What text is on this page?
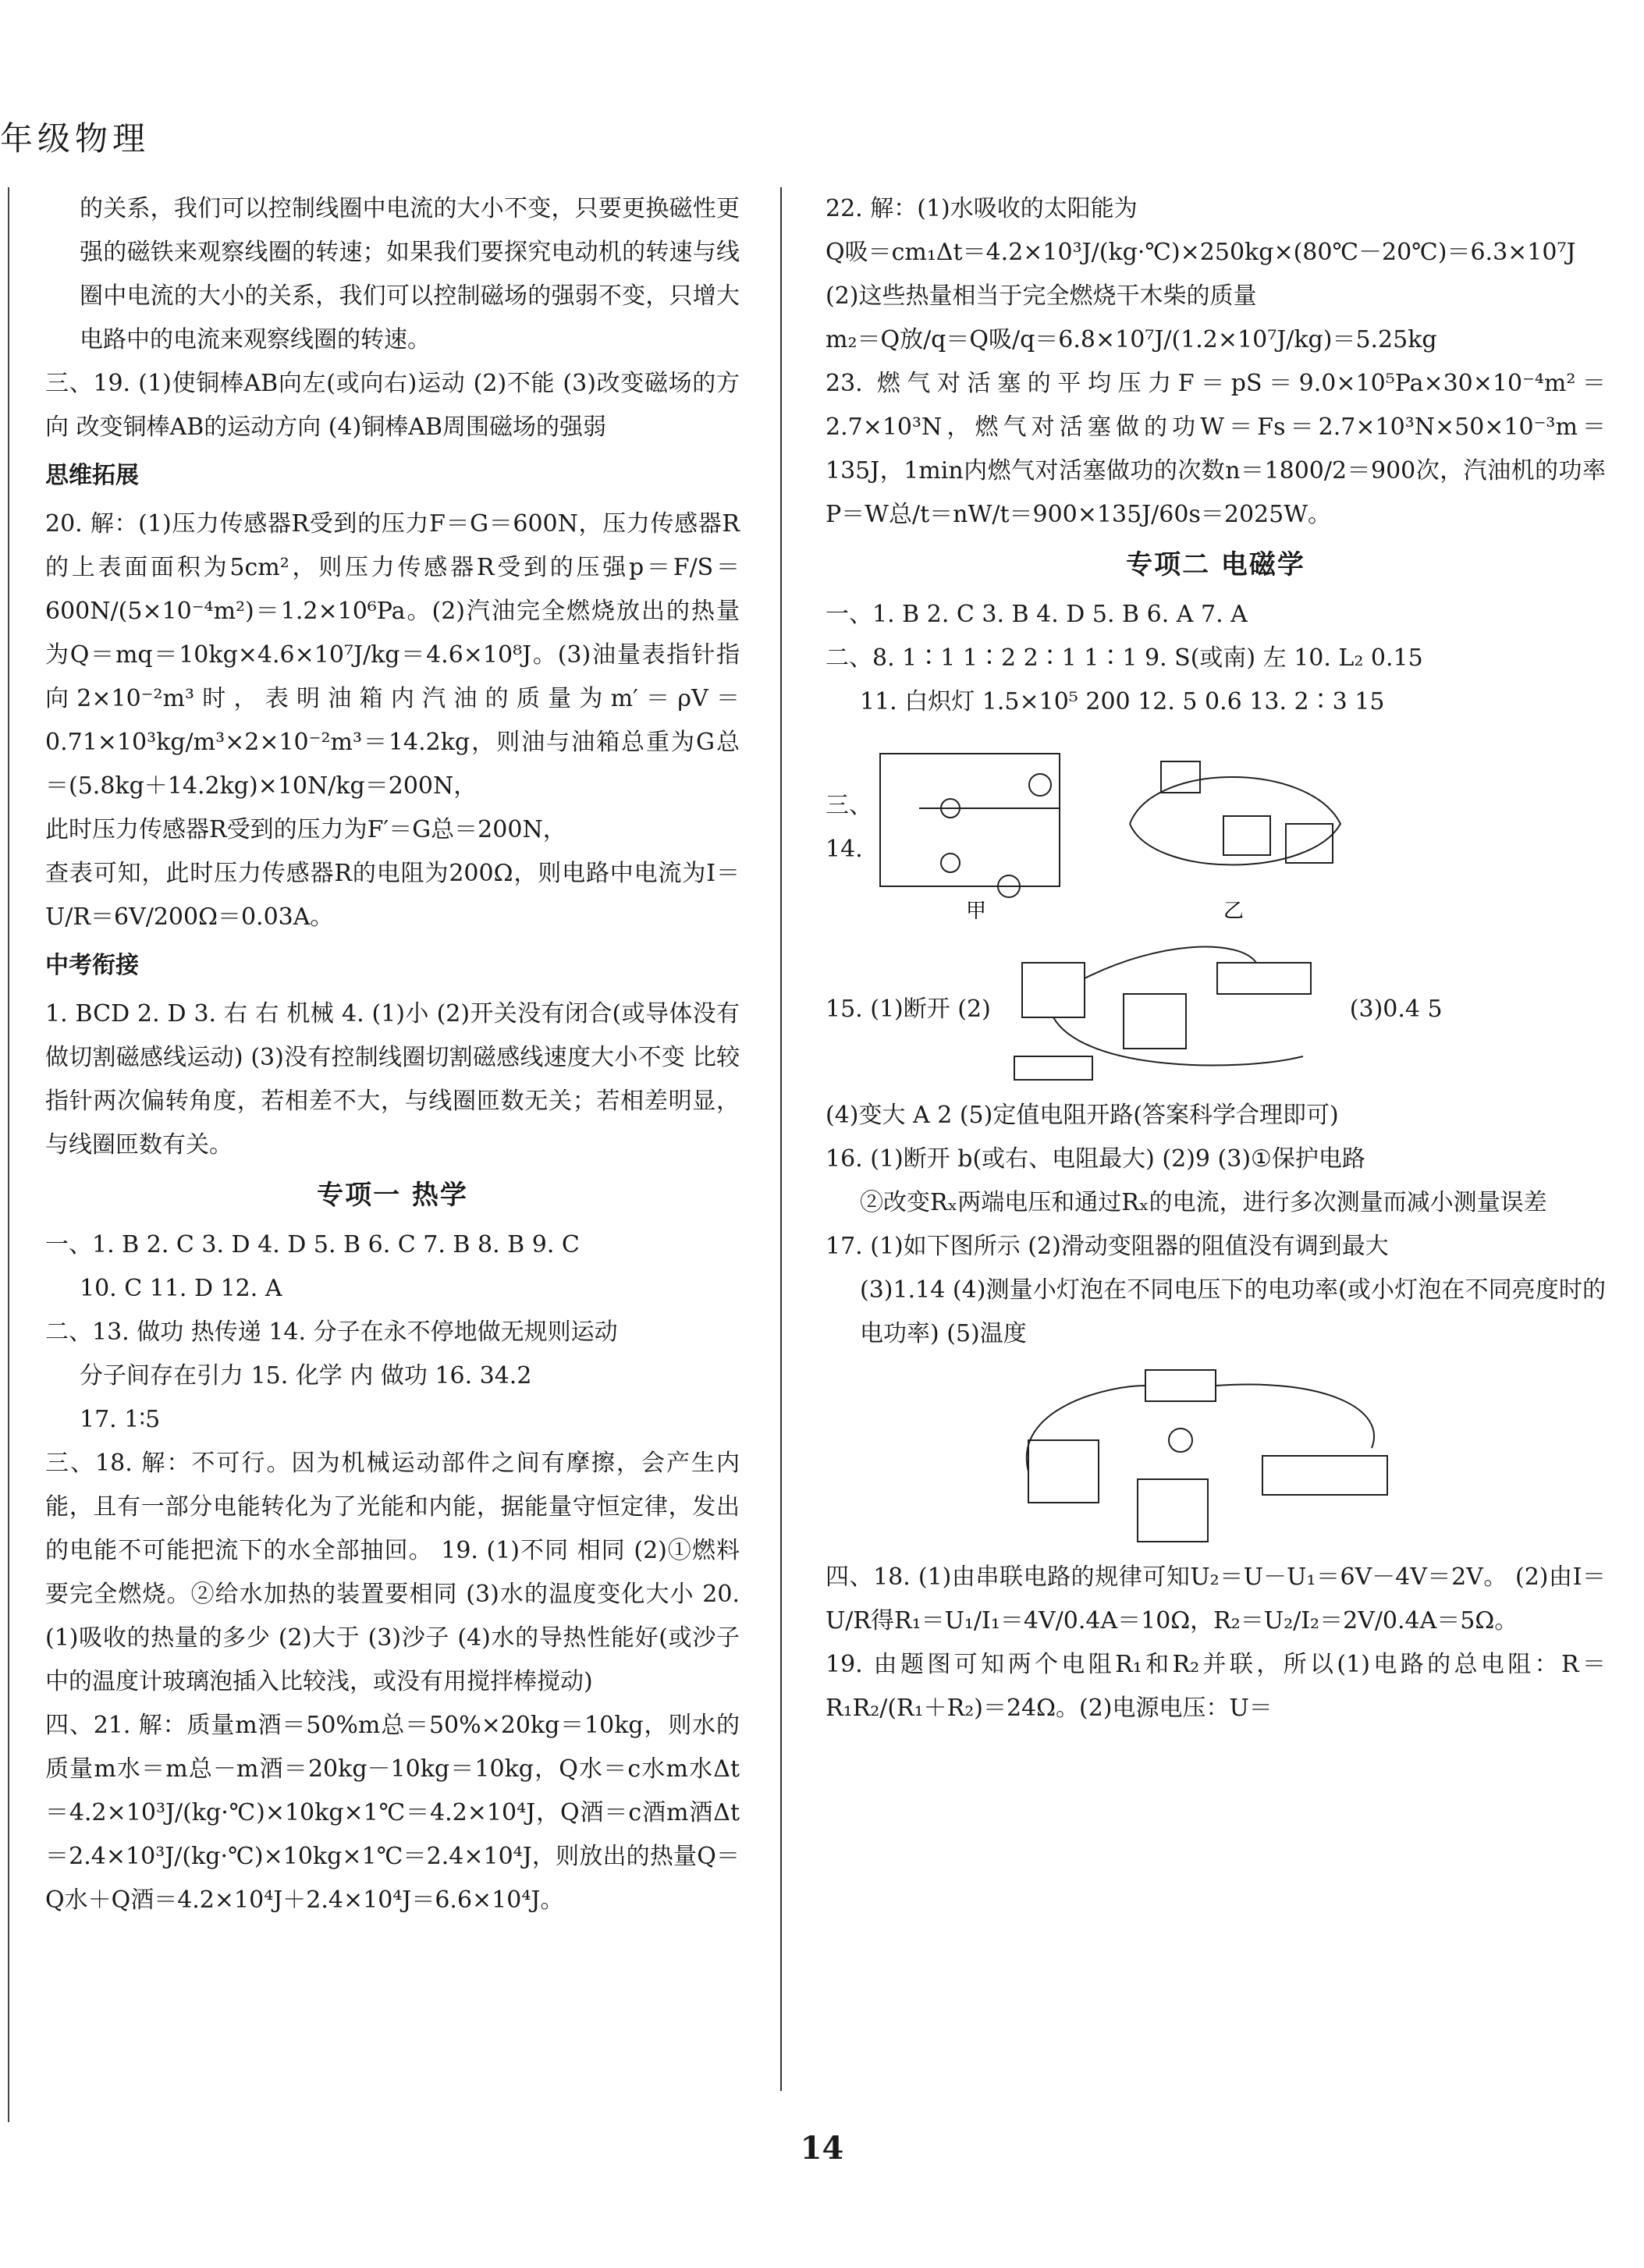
年级物理

的关系，我们可以控制线圈中电流的大小不变，只要更换磁性更强的磁铁来观察线圈的转速；如果我们要探究电动机的转速与线圈中电流的大小的关系，我们可以控制磁场的强弱不变，只增大电路中的电流来观察线圈的转速。

三、19. (1)使铜棒AB向左(或向右)运动 (2)不能 (3)改变磁场的方向 改变铜棒AB的运动方向 (4)铜棒AB周围磁场的强弱

思维拓展

20. 解：(1)压力传感器R受到的压力F＝G＝600N，压力传感器R的上表面面积为5cm²，则压力传感器R受到的压强p＝F/S＝600N/(5×10⁻⁴m²)＝1.2×10⁶Pa。(2)汽油完全燃烧放出的热量为Q＝mq＝10kg×4.6×10⁷J/kg＝4.6×10⁸J。(3)油量表指针指向2×10⁻²m³时，表明油箱内汽油的质量为m′＝ρV＝0.71×10³kg/m³×2×10⁻²m³＝14.2kg，则油与油箱总重为G总＝(5.8kg＋14.2kg)×10N/kg＝200N，

此时压力传感器R受到的压力为F′＝G总＝200N，

查表可知，此时压力传感器R的电阻为200Ω，则电路中电流为I＝U/R＝6V/200Ω＝0.03A。

中考衔接

1. BCD 2. D 3. 右 右 机械 4. (1)小 (2)开关没有闭合(或导体没有做切割磁感线运动) (3)没有控制线圈切割磁感线速度大小不变 比较指针两次偏转角度，若相差不大，与线圈匝数无关；若相差明显，与线圈匝数有关。

专项一 热学

一、1. B 2. C 3. D 4. D 5. B 6. C 7. B 8. B 9. C

10. C 11. D 12. A

二、13. 做功 热传递 14. 分子在永不停地做无规则运动

分子间存在引力 15. 化学 内 做功 16. 34.2

17. 1∶5

三、18. 解：不可行。因为机械运动部件之间有摩擦，会产生内能，且有一部分电能转化为了光能和内能，据能量守恒定律，发出的电能不可能把流下的水全部抽回。 19. (1)不同 相同 (2)①燃料要完全燃烧。②给水加热的装置要相同 (3)水的温度变化大小 20. (1)吸收的热量的多少 (2)大于 (3)沙子 (4)水的导热性能好(或沙子中的温度计玻璃泡插入比较浅，或没有用搅拌棒搅动)

四、21. 解：质量m酒＝50%m总＝50%×20kg＝10kg，则水的质量m水＝m总－m酒＝20kg－10kg＝10kg，Q水＝c水m水Δt＝4.2×10³J/(kg·℃)×10kg×1℃＝4.2×10⁴J，Q酒＝c酒m酒Δt＝2.4×10³J/(kg·℃)×10kg×1℃＝2.4×10⁴J，则放出的热量Q＝Q水＋Q酒＝4.2×10⁴J＋2.4×10⁴J＝6.6×10⁴J。

22. 解：(1)水吸收的太阳能为

Q吸＝cm₁Δt＝4.2×10³J/(kg·℃)×250kg×(80℃－20℃)＝6.3×10⁷J

(2)这些热量相当于完全燃烧干木柴的质量

m₂＝Q放/q＝Q吸/q＝6.8×10⁷J/(1.2×10⁷J/kg)＝5.25kg

23. 燃气对活塞的平均压力F＝pS＝9.0×10⁵Pa×30×10⁻⁴m²＝2.7×10³N，燃气对活塞做的功W＝Fs＝2.7×10³N×50×10⁻³m＝135J，1min内燃气对活塞做功的次数n＝1800/2＝900次，汽油机的功率P＝W总/t＝nW/t＝900×135J/60s＝2025W。

专项二 电磁学

一、1. B 2. C 3. B 4. D 5. B 6. A 7. A

二、8. 1∶1 1∶2 2∶1 1∶1 9. S(或南) 左 10. L₂ 0.15

11. 白炽灯 1.5×10⁵ 200 12. 5 0.6 13. 2∶3 15

三、14.
甲	乙
15. (1)断开 (2)	(3)0.4 5

(4)变大 A 2 (5)定值电阻开路(答案科学合理即可)

16. (1)断开 b(或右、电阻最大) (2)9 (3)①保护电路

②改变Rₓ两端电压和通过Rₓ的电流，进行多次测量而减小测量误差

17. (1)如下图所示 (2)滑动变阻器的阻值没有调到最大

(3)1.14 (4)测量小灯泡在不同电压下的电功率(或小灯泡在不同亮度时的电功率) (5)温度

四、18. (1)由串联电路的规律可知U₂＝U－U₁＝6V－4V＝2V。 (2)由I＝U/R得R₁＝U₁/I₁＝4V/0.4A＝10Ω，R₂＝U₂/I₂＝2V/0.4A＝5Ω。

19. 由题图可知两个电阻R₁和R₂并联，所以(1)电路的总电阻：R＝R₁R₂/(R₁＋R₂)＝24Ω。(2)电源电压：U＝

14
